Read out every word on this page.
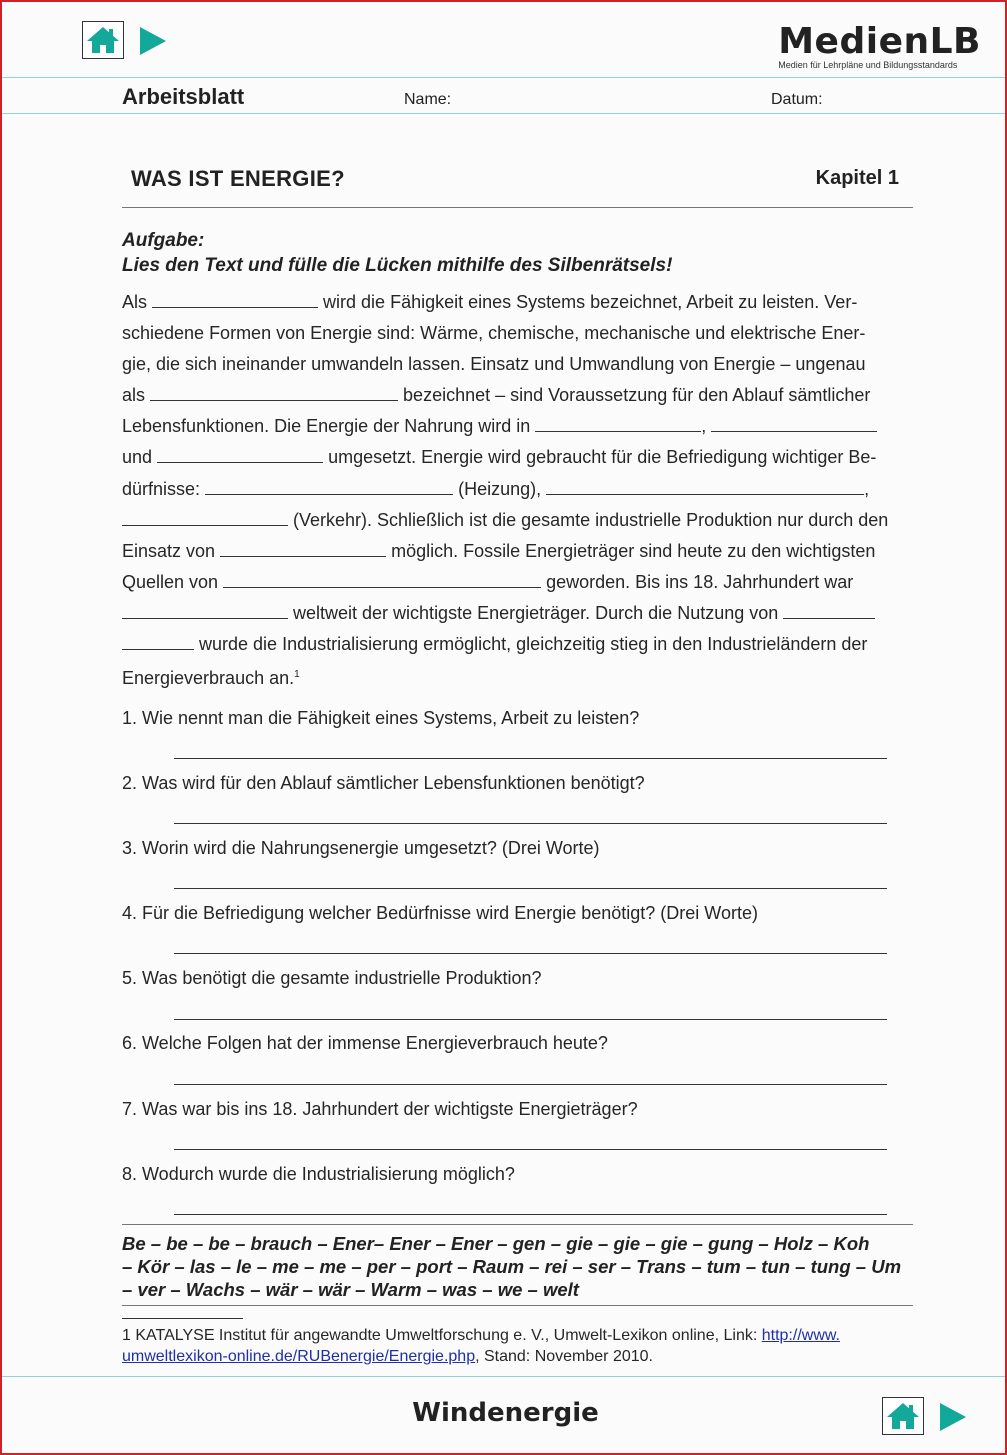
MedienLB
Medien für Lehrpläne und Bildungsstandards
Arbeitsblatt	Name:	Datum:
WAS IST ENERGIE?	Kapitel 1
Aufgabe:
Lies den Text und fülle die Lücken mithilfe des Silbenrätsels!
Als	wird die Fähigkeit eines Systems bezeichnet, Arbeit zu leisten. Ver-
schiedene Formen von Energie sind: Wärme, chemische, mechanische und elektrische Ener-
gie, die sich ineinander umwandeln lassen. Einsatz und Umwandlung von Energie – ungenau
als	bezeichnet – sind Voraussetzung für den Ablauf sämtlicher
Lebensfunktionen. Die Energie der Nahrung wird in	,
und	umgesetzt. Energie wird gebraucht für die Befriedigung wichtiger Be-
dürfnisse:	(Heizung),	,
(Verkehr). Schließlich ist die gesamte industrielle Produktion nur durch den
Einsatz von	möglich. Fossile Energieträger sind heute zu den wichtigsten
Quellen von	geworden. Bis ins 18. Jahrhundert war
weltweit der wichtigste Energieträger. Durch die Nutzung von
wurde die Industrialisierung ermöglicht, gleichzeitig stieg in den Industrieländern der
Energieverbrauch an.$^1$
1. Wie nennt man die Fähigkeit eines Systems, Arbeit zu leisten?
2. Was wird für den Ablauf sämtlicher Lebensfunktionen benötigt?
3. Worin wird die Nahrungsenergie umgesetzt? (Drei Worte)
4. Für die Befriedigung welcher Bedürfnisse wird Energie benötigt? (Drei Worte)
5. Was benötigt die gesamte industrielle Produktion?
6. Welche Folgen hat der immense Energieverbrauch heute?
7. Was war bis ins 18. Jahrhundert der wichtigste Energieträger?
8. Wodurch wurde die Industrialisierung möglich?
Be – be – be – brauch – Ener– Ener – Ener – gen – gie – gie – gie – gung – Holz – Koh
– Kör – las – le – me – me – per – port – Raum – rei – ser – Trans – tum – tun – tung – Um
– ver – Wachs – wär – wär – Warm – was – we – welt
1 KATALYSE Institut für angewandte Umweltforschung e. V., Umwelt-Lexikon online, Link: http://www.
umweltlexikon-online.de/RUBenergie/Energie.php, Stand: November 2010.
Windenergie
